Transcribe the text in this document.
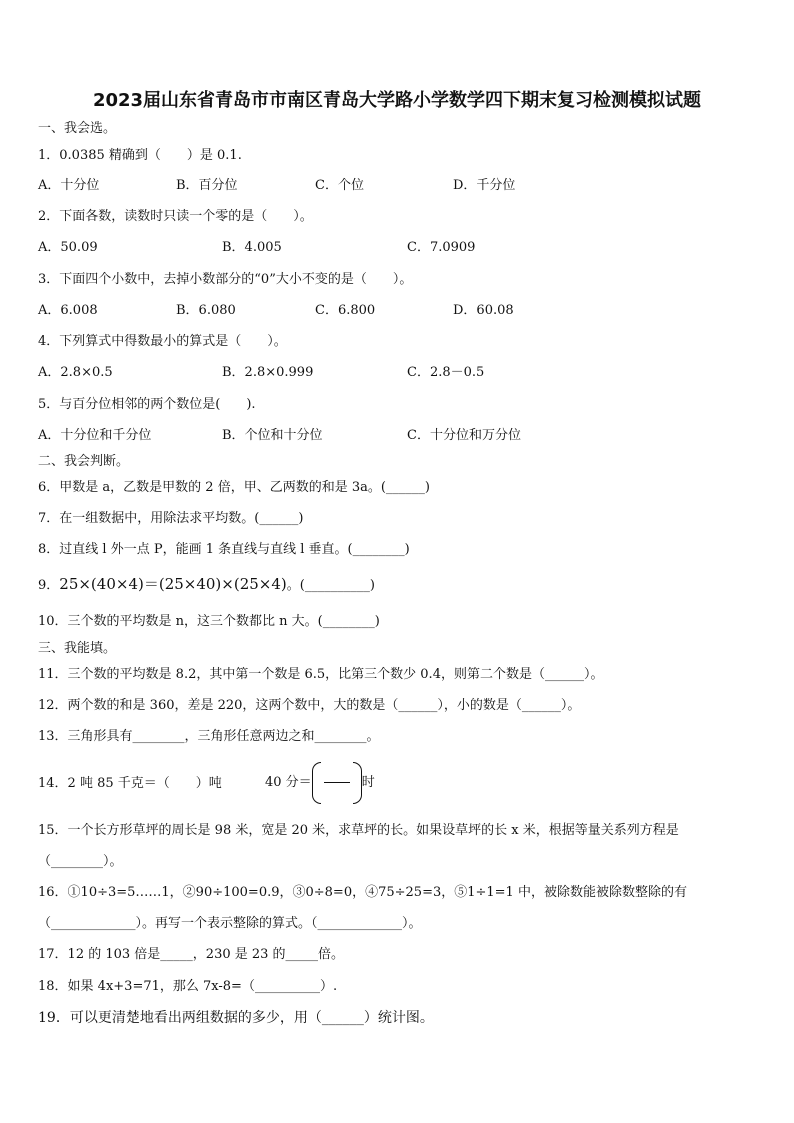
2023届山东省青岛市市南区青岛大学路小学数学四下期末复习检测模拟试题
一、我会选。
1．0.0385 精确到（　　）是 0.1.
A．十分位	B．百分位	C．个位	D．千分位
2．下面各数，读数时只读一个零的是（　　）。
A．50.09	B．4.005	C．7.0909
3．下面四个小数中，去掉小数部分的“0”大小不变的是（　　）。
A．6.008	B．6.080	C．6.800	D．60.08
4．下列算式中得数最小的算式是（　　）。
A．2.8×0.5	B．2.8×0.999	C．2.8－0.5
5．与百分位相邻的两个数位是(　　).
A．十分位和千分位	B．个位和十分位	C．十分位和万分位
二、我会判断。
6．甲数是 a，乙数是甲数的 2 倍，甲、乙两数的和是 3a。(______)
7．在一组数据中，用除法求平均数。(______)
8．过直线 l 外一点 P，能画 1 条直线与直线 l 垂直。(________)
9．25×(40×4)＝(25×40)×(25×4)。(__________)
10．三个数的平均数是 n，这三个数都比 n 大。(________)
三、我能填。
11．三个数的平均数是 8.2，其中第一个数是 6.5，比第三个数少 0.4，则第二个数是（______）。
12．两个数的和是 360，差是 220，这两个数中，大的数是（______），小的数是（______）。
13．三角形具有________，三角形任意两边之和________。
14．2 吨 85 千克＝（　　）吨	40 分＝	时
15．一个长方形草坪的周长是 98 米，宽是 20 米，求草坪的长。如果设草坪的长 x 米，根据等量关系列方程是
（________）。
16．①10÷3=5……1，②90÷100=0.9，③0÷8=0，④75÷25=3，⑤1÷1=1 中，被除数能被除数整除的有
（_____________）。再写一个表示整除的算式。（_____________）。
17．12 的 103 倍是_____，230 是 23 的_____倍。
18．如果 4x+3=71，那么 7x-8=（__________）.
19．可以更清楚地看出两组数据的多少，用（______）统计图。
